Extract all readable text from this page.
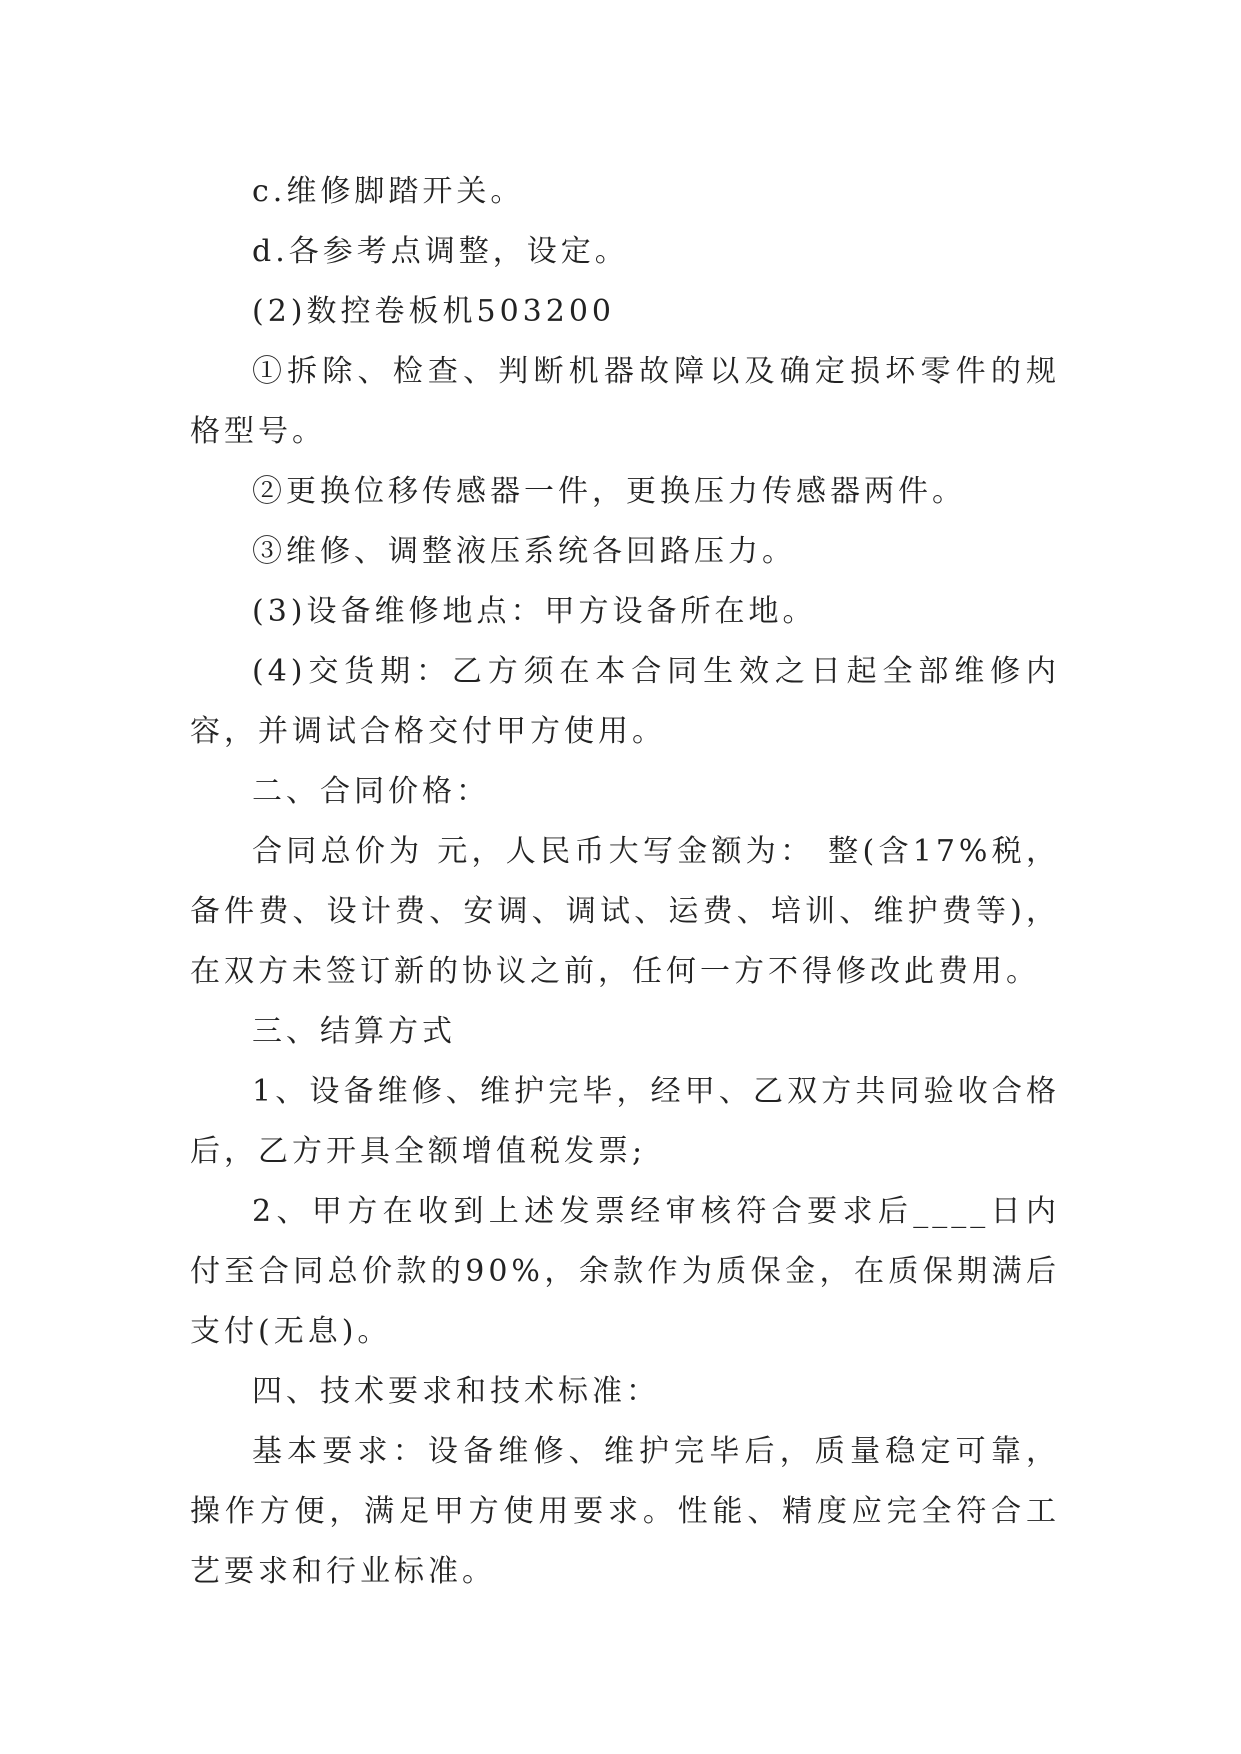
c.维修脚踏开关。

d.各参考点调整，设定。

(2)数控卷板机503200

①拆除、检查、判断机器故障以及确定损坏零件的规格型号。

②更换位移传感器一件，更换压力传感器两件。

③维修、调整液压系统各回路压力。

(3)设备维修地点：甲方设备所在地。

(4)交货期：乙方须在本合同生效之日起全部维修内容，并调试合格交付甲方使用。

二、合同价格：

合同总价为 元，人民币大写金额为： 整(含17%税，备件费、设计费、安调、调试、运费、培训、维护费等)，在双方未签订新的协议之前，任何一方不得修改此费用。

三、结算方式

1、设备维修、维护完毕，经甲、乙双方共同验收合格后，乙方开具全额增值税发票;

2、甲方在收到上述发票经审核符合要求后____日内付至合同总价款的90%，余款作为质保金，在质保期满后支付(无息)。

四、技术要求和技术标准：

基本要求：设备维修、维护完毕后，质量稳定可靠，操作方便，满足甲方使用要求。性能、精度应完全符合工艺要求和行业标准。
